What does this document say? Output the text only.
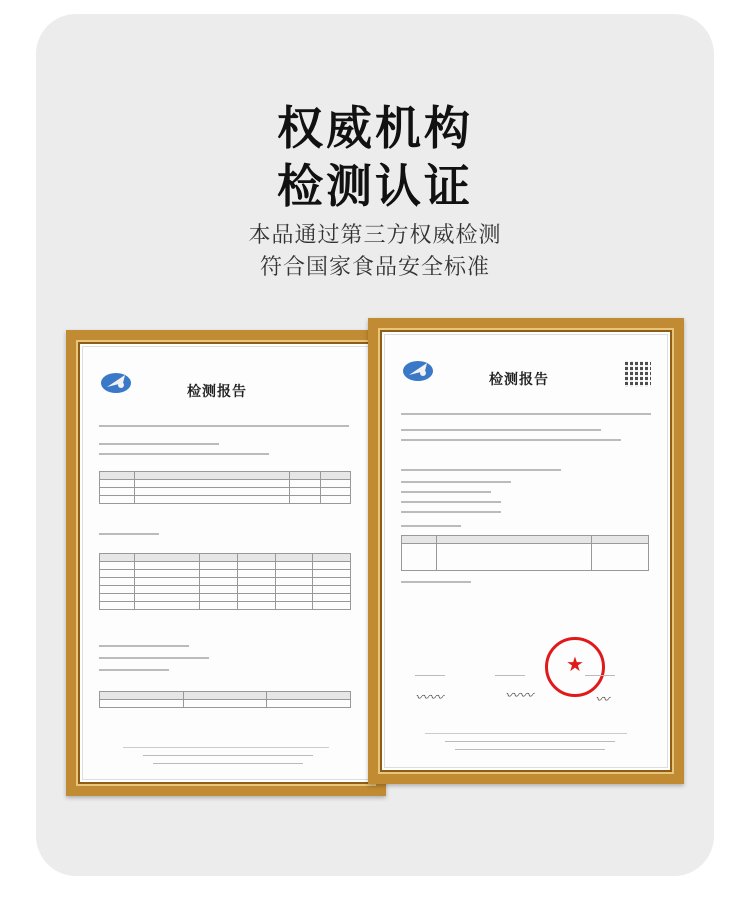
权威机构
检测认证
本品通过第三方权威检测
符合国家食品安全标准
检测报告

检测报告

★
〰〰	〰〰	〰
